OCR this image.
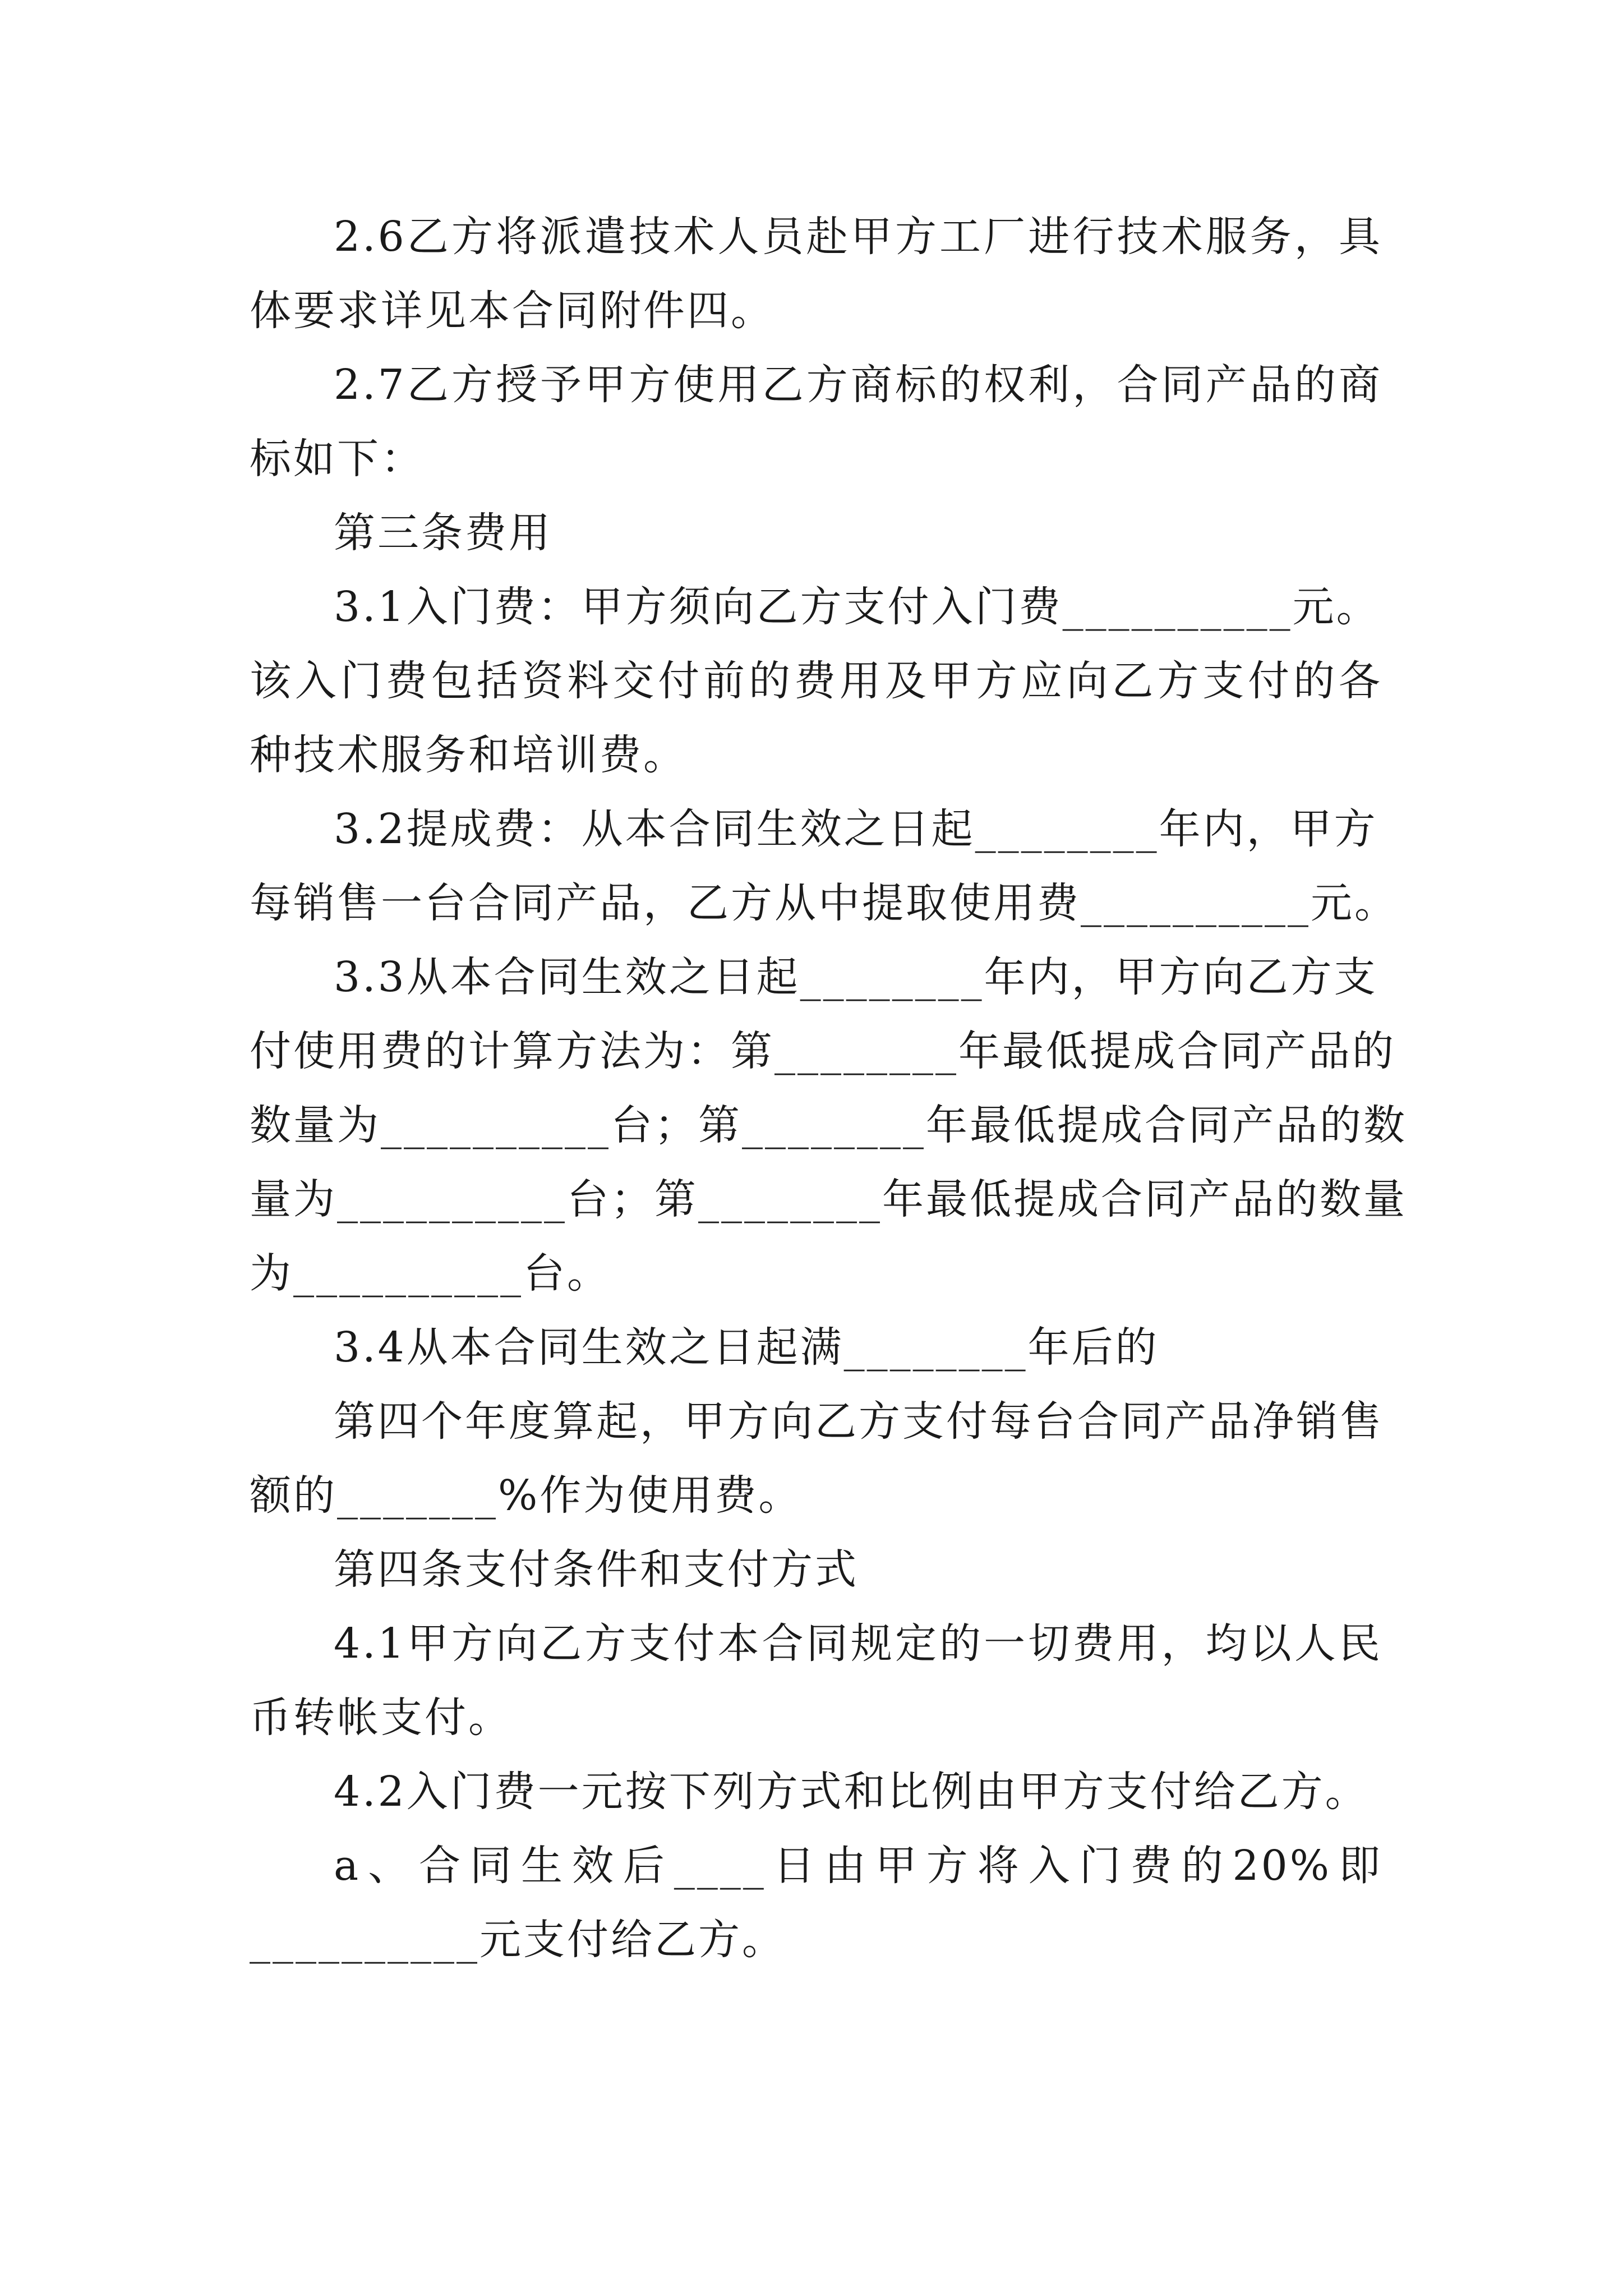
2.6乙方将派遣技术人员赴甲方工厂进行技术服务，具
体要求详见本合同附件四。
2.7乙方授予甲方使用乙方商标的权利，合同产品的商
标如下：
第三条费用
3.1入门费：甲方须向乙方支付入门费__________元。
该入门费包括资料交付前的费用及甲方应向乙方支付的各
种技术服务和培训费。
3.2提成费：从本合同生效之日起________年内，甲方
每销售一台合同产品，乙方从中提取使用费__________元。
3.3从本合同生效之日起________年内，甲方向乙方支
付使用费的计算方法为：第________年最低提成合同产品的
数量为__________台；第________年最低提成合同产品的数
量为__________台；第________年最低提成合同产品的数量
为__________台。
3.4从本合同生效之日起满________年后的
第四个年度算起，甲方向乙方支付每台合同产品净销售
额的_______%作为使用费。
第四条支付条件和支付方式
4.1甲方向乙方支付本合同规定的一切费用，均以人民
币转帐支付。
4.2入门费一元按下列方式和比例由甲方支付给乙方。
a、合同生效后____日由甲方将入门费的20%即
__________元支付给乙方。
